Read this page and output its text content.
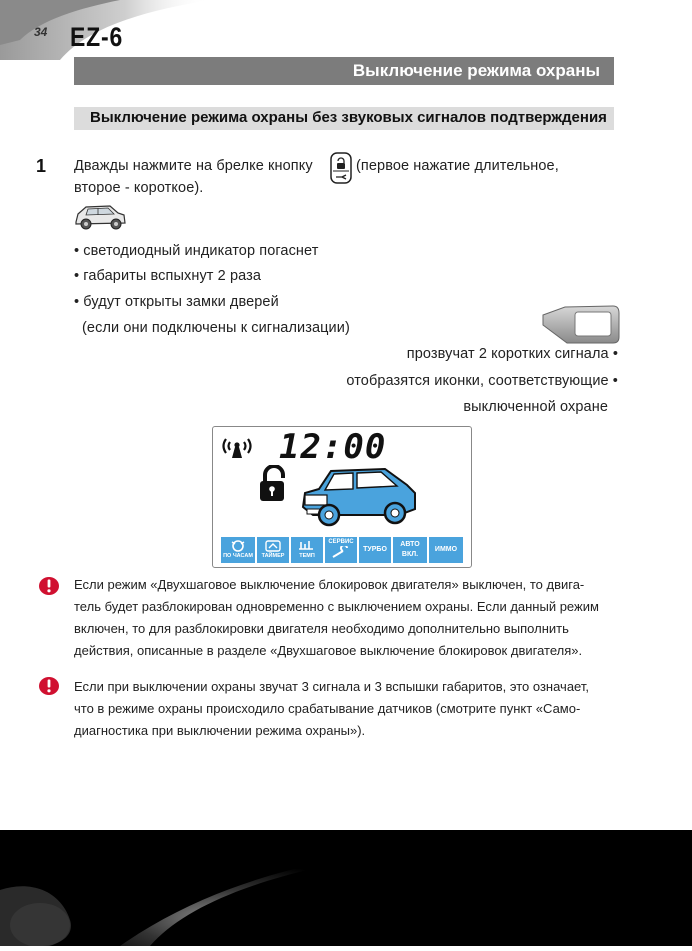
34 EZ-6
Выключение режима охраны
Выключение режима охраны без звуковых сигналов подтверждения
1 Дважды нажмите на брелке кнопку	(первое нажатие длительное,
второе - короткое).
• светодиодный индикатор погаснет
• габариты вспыхнут 2 раза
• будут открыты замки дверей
(если они подключены к сигнализации)
прозвучат 2 коротких сигнала •
отобразятся иконки, соответствующие •
выключенной охране
12:00
ПО ЧАСАМ	ТАЙМЕР	ТЕМП
СЕРВИС
ТУРБО
АВТО
ВКЛ.
ИММО
Если режим «Двухшаговое выключение блокировок двигателя» выключен, то двига-
тель будет разблокирован одновременно с выключением охраны. Если данный режим
включен, то для разблокировки двигателя необходимо дополнительно выполнить
действия, описанные в разделе «Двухшаговое выключение блокировок двигателя».
Если при выключении охраны звучат 3 сигнала и 3 вспышки габаритов, это означает,
что в режиме охраны происходило срабатывание датчиков (смотрите пункт «Само-
диагностика при выключении режима охраны»).
